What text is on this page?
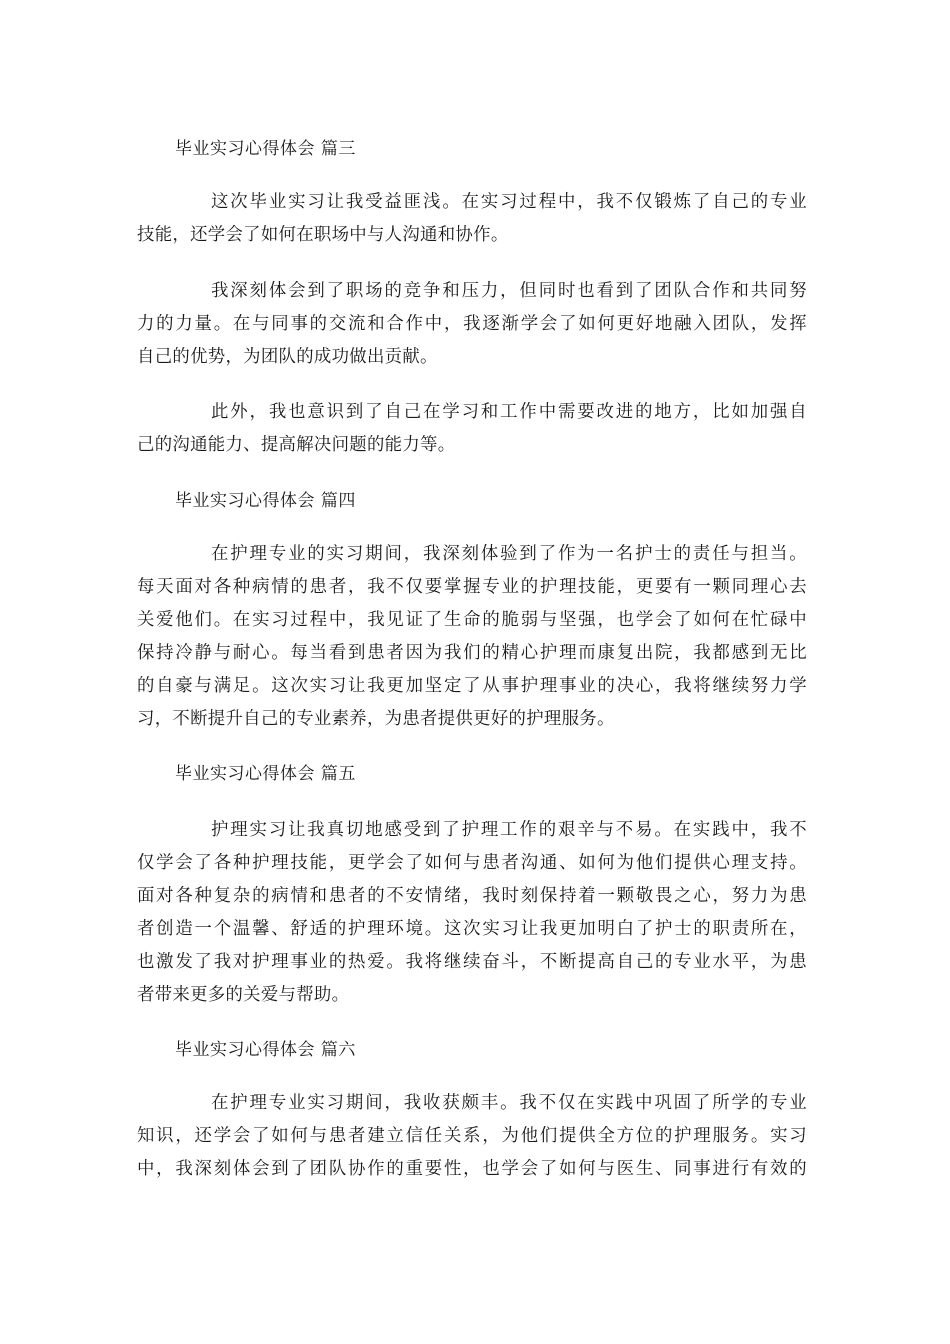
毕业实习心得体会 篇三
这次毕业实习让我受益匪浅。在实习过程中，我不仅锻炼了自己的专业
技能，还学会了如何在职场中与人沟通和协作。
我深刻体会到了职场的竞争和压力，但同时也看到了团队合作和共同努
力的力量。在与同事的交流和合作中，我逐渐学会了如何更好地融入团队，发挥
自己的优势，为团队的成功做出贡献。
此外，我也意识到了自己在学习和工作中需要改进的地方，比如加强自
己的沟通能力、提高解决问题的能力等。
毕业实习心得体会 篇四
在护理专业的实习期间，我深刻体验到了作为一名护士的责任与担当。
每天面对各种病情的患者，我不仅要掌握专业的护理技能，更要有一颗同理心去
关爱他们。在实习过程中，我见证了生命的脆弱与坚强，也学会了如何在忙碌中
保持冷静与耐心。每当看到患者因为我们的精心护理而康复出院，我都感到无比
的自豪与满足。这次实习让我更加坚定了从事护理事业的决心，我将继续努力学
习，不断提升自己的专业素养，为患者提供更好的护理服务。
毕业实习心得体会 篇五
护理实习让我真切地感受到了护理工作的艰辛与不易。在实践中，我不
仅学会了各种护理技能，更学会了如何与患者沟通、如何为他们提供心理支持。
面对各种复杂的病情和患者的不安情绪，我时刻保持着一颗敬畏之心，努力为患
者创造一个温馨、舒适的护理环境。这次实习让我更加明白了护士的职责所在，
也激发了我对护理事业的热爱。我将继续奋斗，不断提高自己的专业水平，为患
者带来更多的关爱与帮助。
毕业实习心得体会 篇六
在护理专业实习期间，我收获颇丰。我不仅在实践中巩固了所学的专业
知识，还学会了如何与患者建立信任关系，为他们提供全方位的护理服务。实习
中，我深刻体会到了团队协作的重要性，也学会了如何与医生、同事进行有效的
